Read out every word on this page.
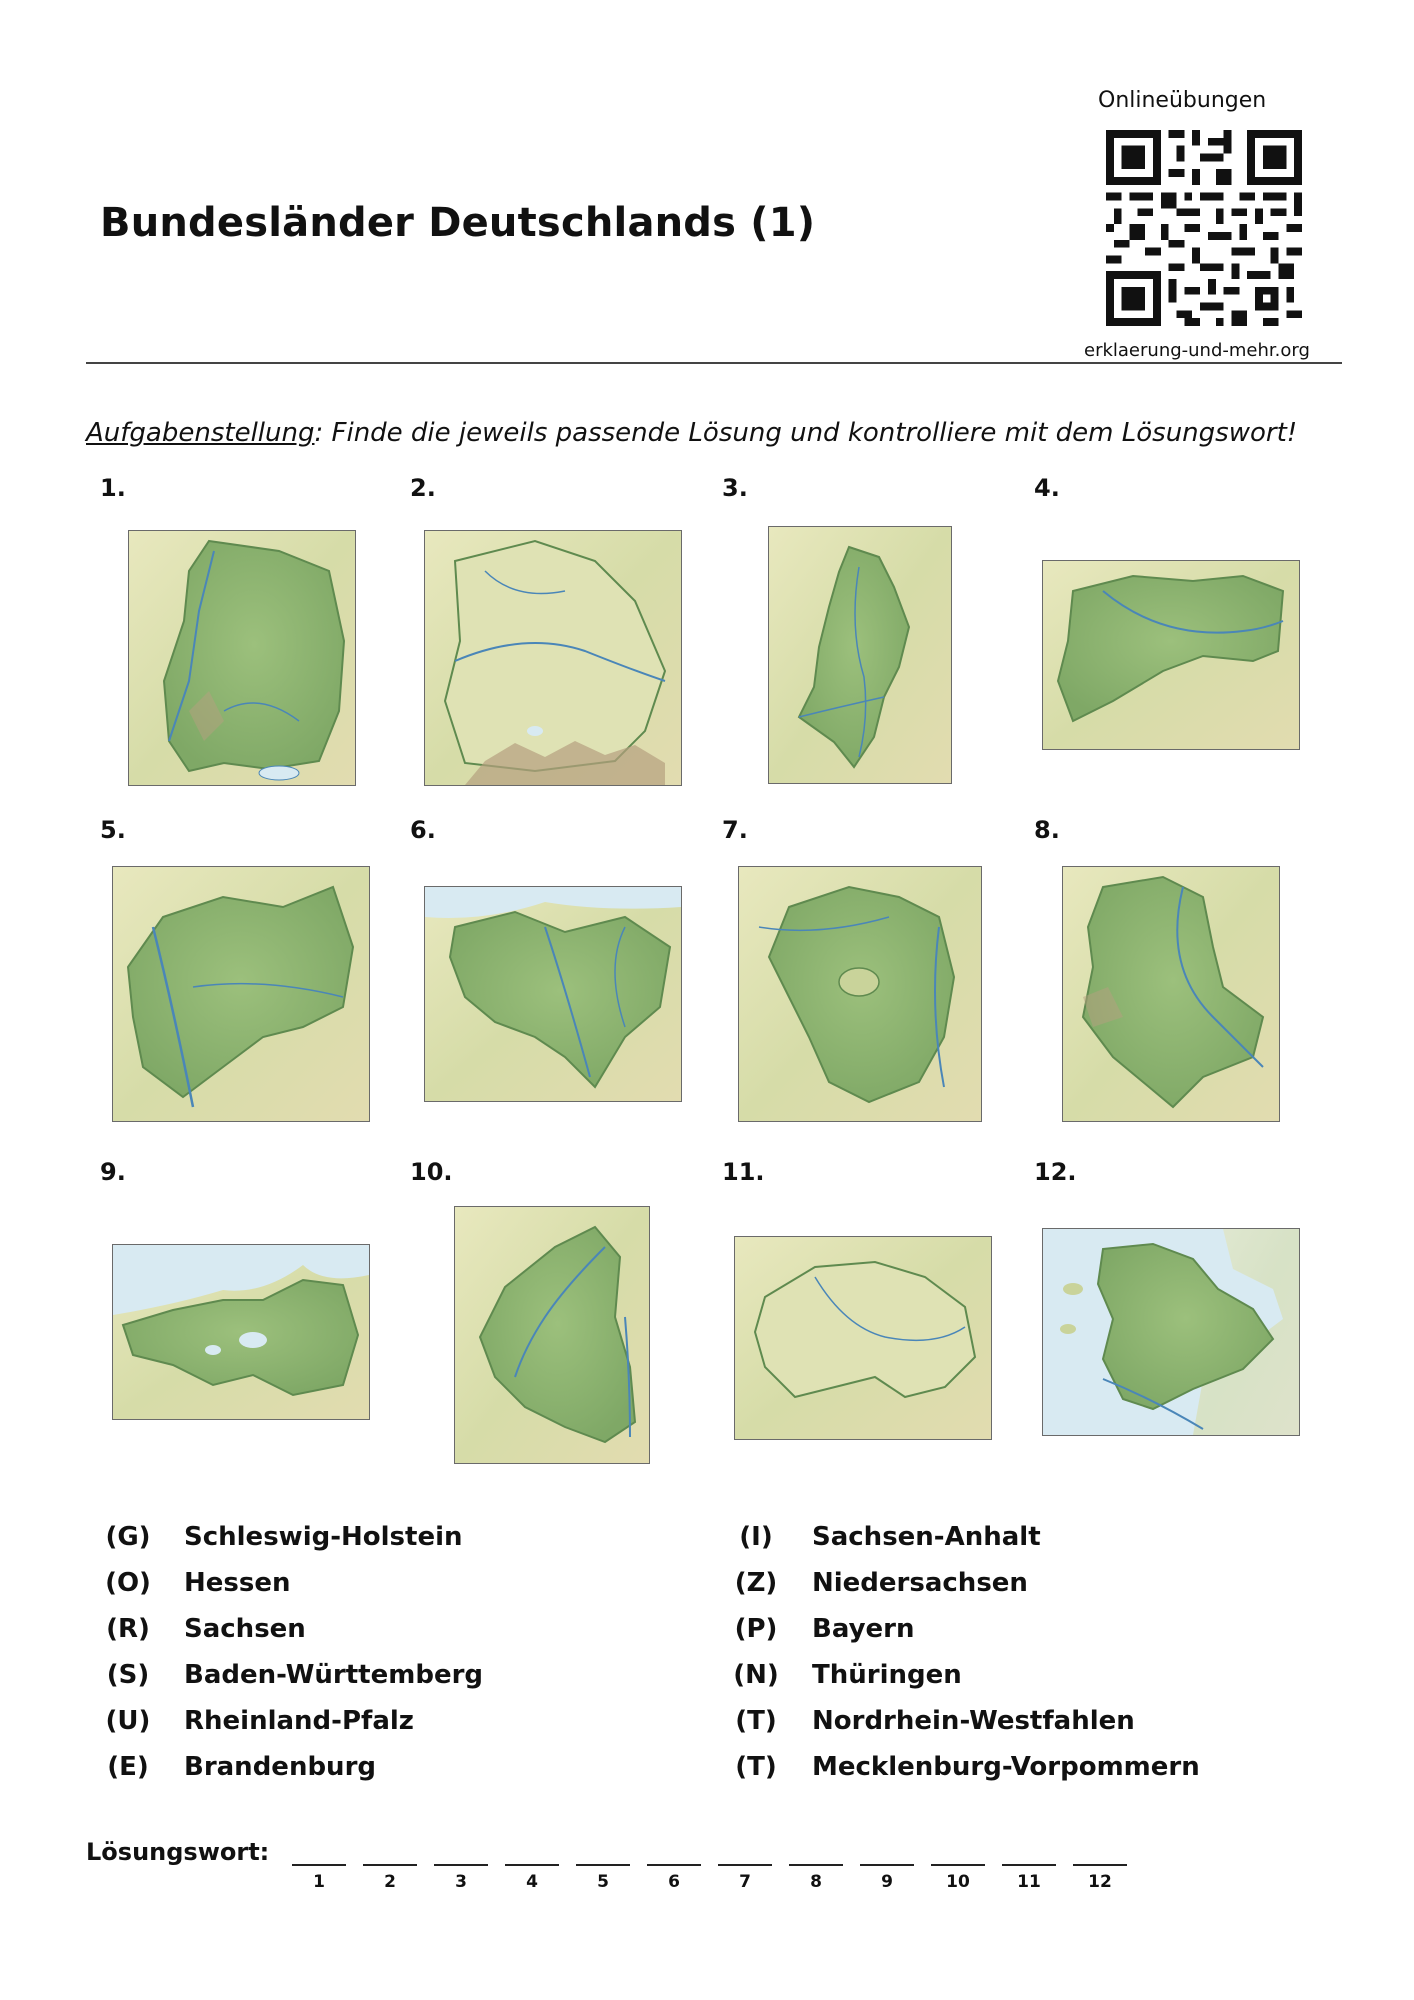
Bundesländer Deutschlands (1)
Onlineübungen
erklaerung-und-mehr.org
Aufgabenstellung: Finde die jeweils passende Lösung und kontrolliere mit dem Lösungswort!
1.	2.	3.	4.
5.	6.	7.	8.
9.	10.	11.	12.
(G) Schleswig-Holstein
(O) Hessen
(R)	Sachsen
(S)	Baden-Württemberg
(U) Rheinland-Pfalz
(E)	Brandenburg
(I)	Sachsen-Anhalt
(Z)	Niedersachsen
(P)	Bayern
(N) Thüringen
(T)	Nordrhein-Westfahlen
(T)	Mecklenburg-Vorpommern
Lösungswort:
1	2	3	4	5	6	7	8	9	10	11	12
